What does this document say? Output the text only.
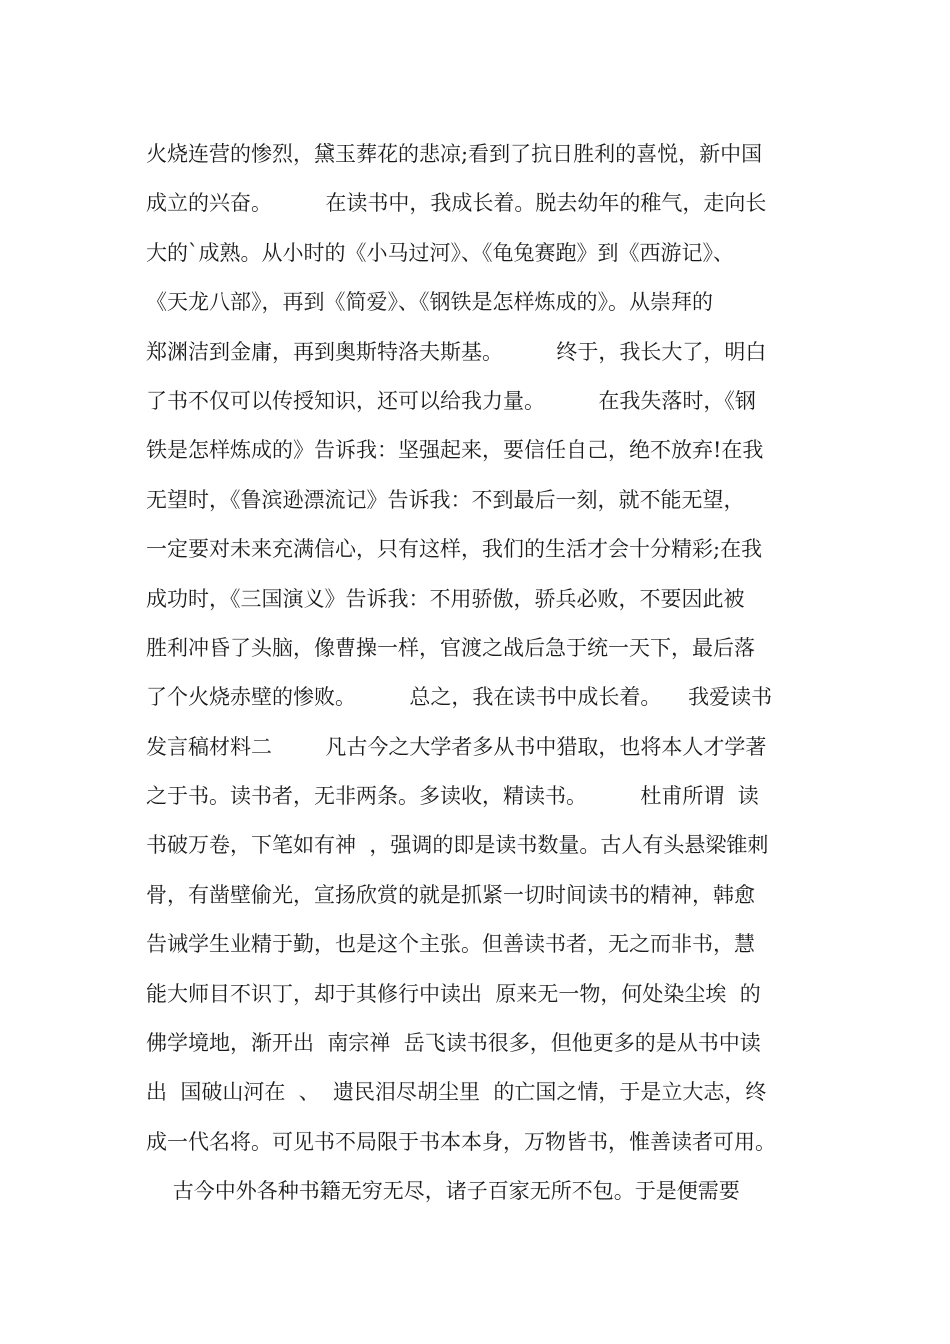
火烧连营的惨烈，黛玉葬花的悲凉;看到了抗日胜利的喜悦，新中国
成立的兴奋。        在读书中，我成长着。脱去幼年的稚气，走向长
大的`成熟。从小时的《小马过河》、《龟兔赛跑》到《西游记》、
《天龙八部》，再到《简爱》、《钢铁是怎样炼成的》。从崇拜的
郑渊洁到金庸，再到奥斯特洛夫斯基。        终于，我长大了，明白
了书不仅可以传授知识，还可以给我力量。        在我失落时，《钢
铁是怎样炼成的》告诉我：坚强起来，要信任自己，绝不放弃!在我
无望时，《鲁滨逊漂流记》告诉我：不到最后一刻，就不能无望，
一定要对未来充满信心，只有这样，我们的生活才会十分精彩;在我
成功时，《三国演义》告诉我：不用骄傲，骄兵必败，不要因此被
胜利冲昏了头脑，像曹操一样，官渡之战后急于统一天下，最后落
了个火烧赤壁的惨败。        总之，我在读书中成长着。    我爱读书
发言稿材料二        凡古今之大学者多从书中猎取，也将本人才学著
之于书。读书者，无非两条。多读收，精读书。        杜甫所谓  读
书破万卷，下笔如有神  ，强调的即是读书数量。古人有头悬梁锥刺
骨，有凿壁偷光，宣扬欣赏的就是抓紧一切时间读书的精神，韩愈
告诫学生业精于勤，也是这个主张。但善读书者，无之而非书，慧
能大师目不识丁，却于其修行中读出  原来无一物，何处染尘埃  的
佛学境地，渐开出  南宗禅  岳飞读书很多，但他更多的是从书中读
出  国破山河在  、  遗民泪尽胡尘里  的亡国之情，于是立大志，终
成一代名将。可见书不局限于书本本身，万物皆书，惟善读者可用。
古今中外各种书籍无穷无尽，诸子百家无所不包。于是便需要
